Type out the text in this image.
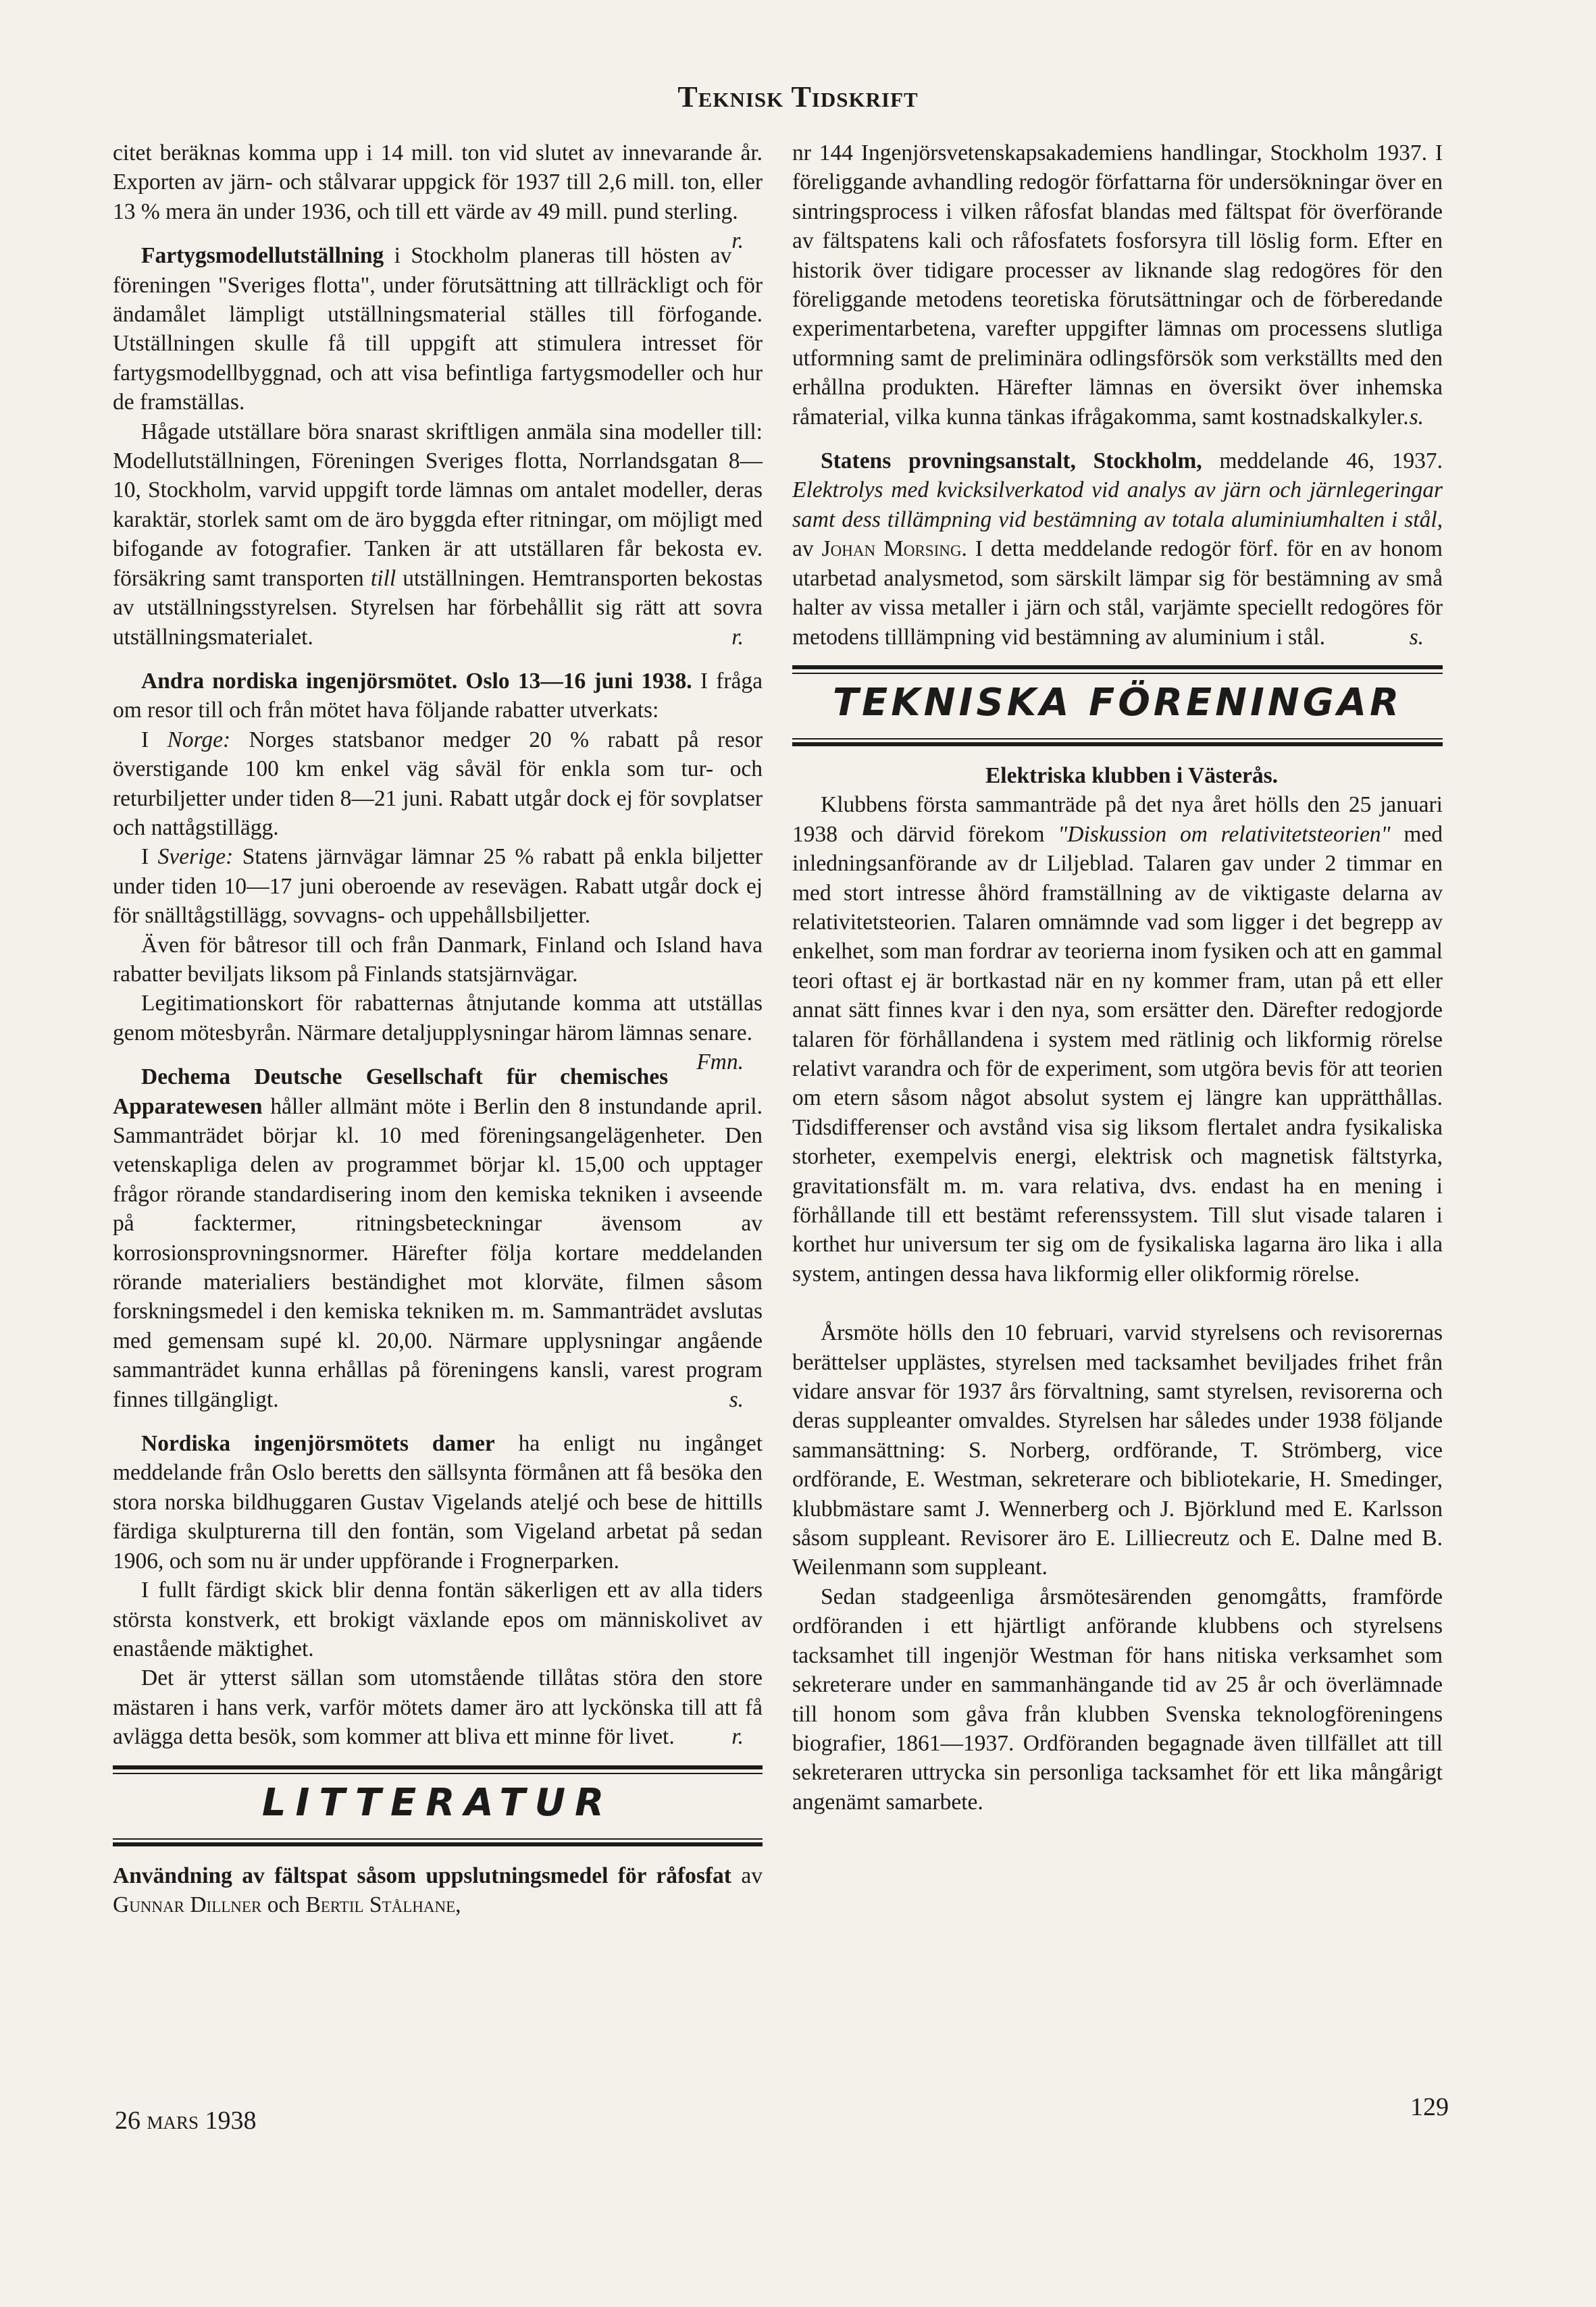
Teknisk Tidskrift

citet beräknas komma upp i 14 mill. ton vid slutet av innevarande år. Exporten av järn- och stålvarar uppgick för 1937 till 2,6 mill. ton, eller 13 % mera än under 1936, och till ett värde av 49 mill. pund sterling.
r.

Fartygsmodellutställning i Stockholm planeras till hösten av föreningen "Sveriges flotta", under förutsättning att tillräckligt och för ändamålet lämpligt utställningsmaterial ställes till förfogande. Utställningen skulle få till uppgift att stimulera intresset för fartygsmodellbyggnad, och att visa befintliga fartygsmodeller och hur de framställas.

Hågade utställare böra snarast skriftligen anmäla sina modeller till: Modellutställningen, Föreningen Sveriges flotta, Norrlandsgatan 8—10, Stockholm, varvid uppgift torde lämnas om antalet modeller, deras karaktär, storlek samt om de äro byggda efter ritningar, om möjligt med bifogande av fotografier. Tanken är att utställaren får bekosta ev. försäkring samt transporten till utställningen. Hemtransporten bekostas av utställningsstyrelsen. Styrelsen har förbehållit sig rätt att sovra utställningsmaterialet.	r.

Andra nordiska ingenjörsmötet. Oslo 13—16 juni 1938. I fråga om resor till och från mötet hava följande rabatter utverkats:

I Norge: Norges statsbanor medger 20 % rabatt på resor överstigande 100 km enkel väg såväl för enkla som tur- och returbiljetter under tiden 8—21 juni. Rabatt utgår dock ej för sovplatser och nattågstillägg.

I Sverige: Statens järnvägar lämnar 25 % rabatt på enkla biljetter under tiden 10—17 juni oberoende av resevägen. Rabatt utgår dock ej för snälltågstillägg, sovvagns- och uppehållsbiljetter.

Även för båtresor till och från Danmark, Finland och Island hava rabatter beviljats liksom på Finlands statsjärnvägar.

Legitimationskort för rabatternas åtnjutande komma att utställas genom mötesbyrån. Närmare detaljupplysningar härom lämnas senare.
Fmn.

Dechema Deutsche Gesellschaft für chemisches Apparatewesen håller allmänt möte i Berlin den 8 instundande april. Sammanträdet börjar kl. 10 med föreningsangelägenheter. Den vetenskapliga delen av programmet börjar kl. 15,00 och upptager frågor rörande standardisering inom den kemiska tekniken i avseende på facktermer, ritningsbeteckningar ävensom av korrosionsprovningsnormer. Härefter följa kortare meddelanden rörande materialiers beständighet mot klorväte, filmen såsom forskningsmedel i den kemiska tekniken m. m. Sammanträdet avslutas med gemensam supé kl. 20,00. Närmare upplysningar angående sammanträdet kunna erhållas på föreningens kansli, varest program finnes tillgängligt.	s.

Nordiska ingenjörsmötets damer ha enligt nu ingånget meddelande från Oslo beretts den sällsynta förmånen att få besöka den stora norska bildhuggaren Gustav Vigelands ateljé och bese de hittills färdiga skulpturerna till den fontän, som Vigeland arbetat på sedan 1906, och som nu är under uppförande i Frognerparken.

I fullt färdigt skick blir denna fontän säkerligen ett av alla tiders största konstverk, ett brokigt växlande epos om människolivet av enastående mäktighet.

Det är ytterst sällan som utomstående tillåtas störa den store mästaren i hans verk, varför mötets damer äro att lyckönska till att få avlägga detta besök, som kommer att bliva ett minne för livet.	r.

LITTERATUR

Användning av fältspat såsom uppslutningsmedel för råfosfat av Gunnar Dillner och Bertil Stålhane,

nr 144 Ingenjörsvetenskapsakademiens handlingar, Stockholm 1937. I föreliggande avhandling redogör författarna för undersökningar över en sintringsprocess i vilken råfosfat blandas med fältspat för överförande av fältspatens kali och råfosfatets fosforsyra till löslig form. Efter en historik över tidigare processer av liknande slag redogöres för den föreliggande metodens teoretiska förutsättningar och de förberedande experimentarbetena, varefter uppgifter lämnas om processens slutliga utformning samt de preliminära odlingsförsök som verkställts med den erhållna produkten. Härefter lämnas en översikt över inhemska råmaterial, vilka kunna tänkas ifrågakomma, samt kostnadskalkyler. s.

Statens provningsanstalt, Stockholm, meddelande 46, 1937. Elektrolys med kvicksilverkatod vid analys av järn och järnlegeringar samt dess tillämpning vid bestämning av totala aluminiumhalten i stål, av Johan Morsing. I detta meddelande redogör förf. för en av honom utarbetad analysmetod, som särskilt lämpar sig för bestämning av små halter av vissa metaller i järn och stål, varjämte speciellt redogöres för metodens tilllämpning vid bestämning av aluminium i stål.	s.

TEKNISKA FÖRENINGAR

Elektriska klubben i Västerås.

Klubbens första sammanträde på det nya året hölls den 25 januari 1938 och därvid förekom "Diskussion om relativitetsteorien" med inledningsanförande av dr Liljeblad. Talaren gav under 2 timmar en med stort intresse åhörd framställning av de viktigaste delarna av relativitetsteorien. Talaren omnämnde vad som ligger i det begrepp av enkelhet, som man fordrar av teorierna inom fysiken och att en gammal teori oftast ej är bortkastad när en ny kommer fram, utan på ett eller annat sätt finnes kvar i den nya, som ersätter den. Därefter redogjorde talaren för förhållandena i system med rätlinig och likformig rörelse relativt varandra och för de experiment, som utgöra bevis för att teorien om etern såsom något absolut system ej längre kan upprätthållas. Tidsdifferenser och avstånd visa sig liksom flertalet andra fysikaliska storheter, exempelvis energi, elektrisk och magnetisk fältstyrka, gravitationsfält m. m. vara relativa, dvs. endast ha en mening i förhållande till ett bestämt referenssystem. Till slut visade talaren i korthet hur universum ter sig om de fysikaliska lagarna äro lika i alla system, antingen dessa hava likformig eller olikformig rörelse.

Årsmöte hölls den 10 februari, varvid styrelsens och revisorernas berättelser upplästes, styrelsen med tacksamhet beviljades frihet från vidare ansvar för 1937 års förvaltning, samt styrelsen, revisorerna och deras suppleanter omvaldes. Styrelsen har således under 1938 följande sammansättning: S. Norberg, ordförande, T. Strömberg, vice ordförande, E. Westman, sekreterare och bibliotekarie, H. Smedinger, klubbmästare samt J. Wennerberg och J. Björklund med E. Karlsson såsom suppleant. Revisorer äro E. Lilliecreutz och E. Dalne med B. Weilenmann som suppleant.

Sedan stadgeenliga årsmötesärenden genomgåtts, framförde ordföranden i ett hjärtligt anförande klubbens och styrelsens tacksamhet till ingenjör Westman för hans nitiska verksamhet som sekreterare under en sammanhängande tid av 25 år och överlämnade till honom som gåva från klubben Svenska teknologföreningens biografier, 1861—1937. Ordföranden begagnade även tillfället att till sekreteraren uttrycka sin personliga tacksamhet för ett lika mångårigt angenämt samarbete.

26 mars 1938	129
